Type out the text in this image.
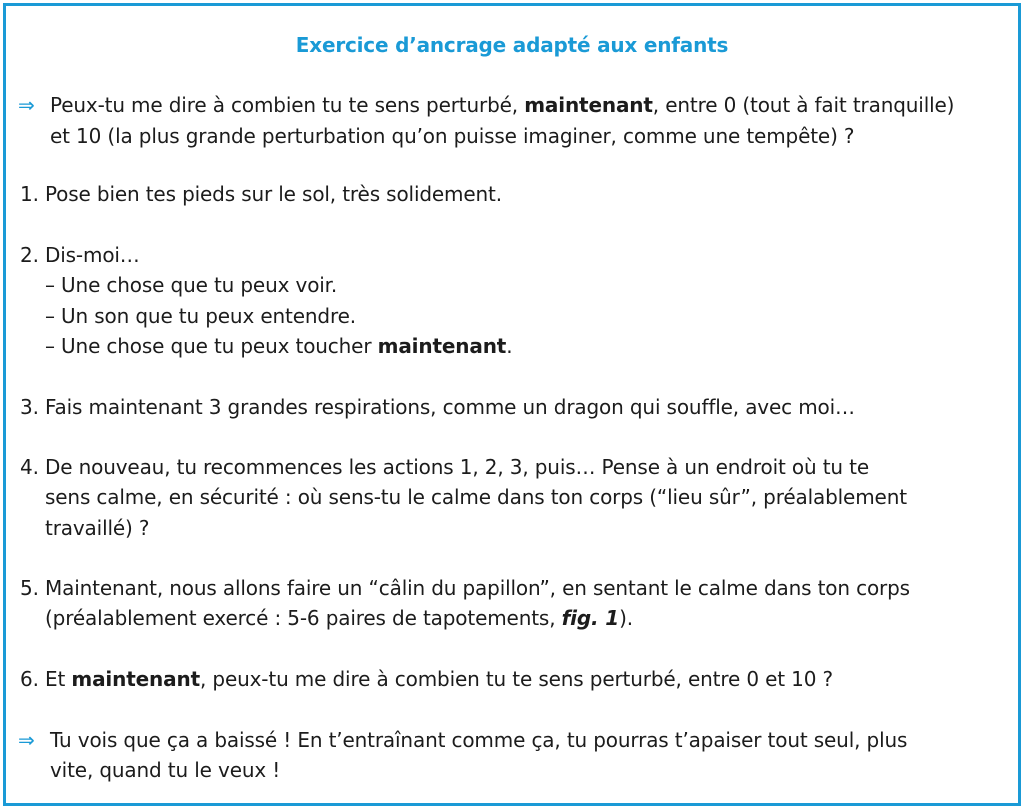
Exercice d’ancrage adapté aux enfants
⇒ Peux-tu me dire à combien tu te sens perturbé, maintenant, entre 0 (tout à fait tranquille)
et 10 (la plus grande perturbation qu’on puisse imaginer, comme une tempête) ?
1. Pose bien tes pieds sur le sol, très solidement.
2. Dis-moi…
– Une chose que tu peux voir.
– Un son que tu peux entendre.
– Une chose que tu peux toucher maintenant.
3. Fais maintenant 3 grandes respirations, comme un dragon qui souffle, avec moi…
4. De nouveau, tu recommences les actions 1, 2, 3, puis… Pense à un endroit où tu te
sens calme, en sécurité : où sens-tu le calme dans ton corps (“lieu sûr”, préalablement
travaillé) ?
5. Maintenant, nous allons faire un “câlin du papillon”, en sentant le calme dans ton corps
(préalablement exercé : 5-6 paires de tapotements, fig. 1).
6. Et maintenant, peux-tu me dire à combien tu te sens perturbé, entre 0 et 10 ?
⇒ Tu vois que ça a baissé ! En t’entraînant comme ça, tu pourras t’apaiser tout seul, plus
vite, quand tu le veux !
